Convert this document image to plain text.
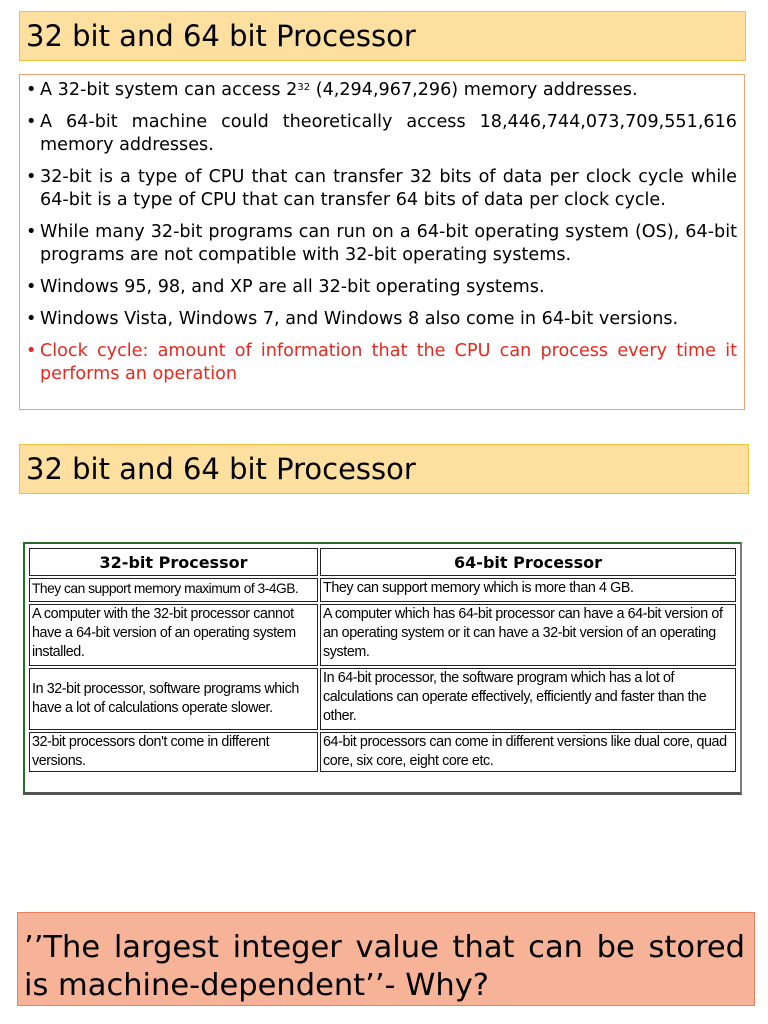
32 bit and 64 bit Processor
• A 32-bit system can access $2^{32}$ (4,294,967,296) memory addresses.
• A 64-bit machine could theoretically access 18,446,744,073,709,551,616 memory addresses.
• 32-bit is a type of CPU that can transfer 32 bits of data per clock cycle while 64-bit is a type of CPU that can transfer 64 bits of data per clock cycle.
• While many 32-bit programs can run on a 64-bit operating system (OS), 64-bit programs are not compatible with 32-bit operating systems.
• Windows 95, 98, and XP are all 32-bit operating systems.
• Windows Vista, Windows 7, and Windows 8 also come in 64-bit versions.
• Clock cycle: amount of information that the CPU can process every time it performs an operation
32 bit and 64 bit Processor
32-bit Processor	64-bit Processor
They can support memory maximum of 3-4GB.	They can support memory which is more than 4 GB.
A computer with the 32-bit processor cannot have a 64-bit version of an operating system installed.	A computer which has 64-bit processor can have a 64-bit version of an operating system or it can have a 32-bit version of an operating system.
In 32-bit processor, software programs which have a lot of calculations operate slower.	In 64-bit processor, the software program which has a lot of calculations can operate effectively, efficiently and faster than the other.
32-bit processors don't come in different versions.	64-bit processors can come in different versions like dual core, quad core, six core, eight core etc.
’’The largest integer value that can be stored is machine-dependent’’- Why?
